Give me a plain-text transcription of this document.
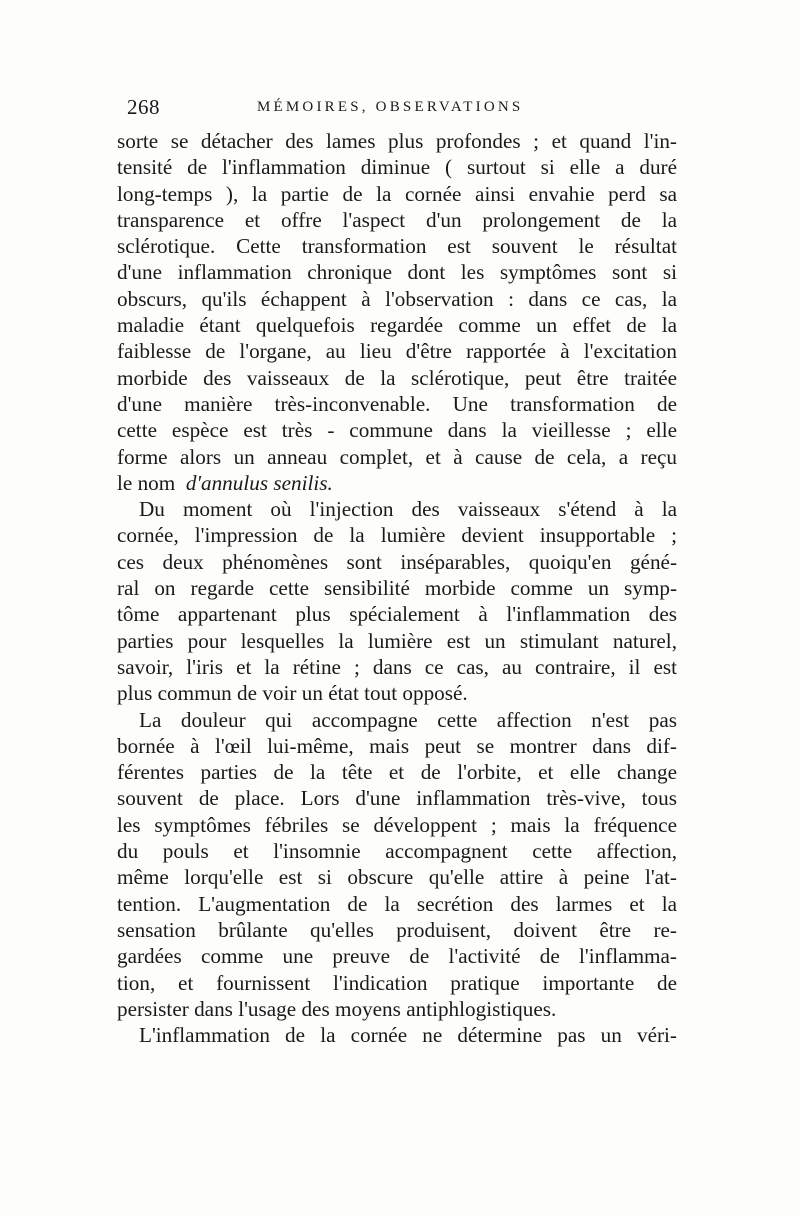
268	MÉMOIRES, OBSERVATIONS
sorte se détacher des lames plus profondes ; et quand l'in-
tensité de l'inflammation diminue ( surtout si elle a duré
long-temps ), la partie de la cornée ainsi envahie perd sa
transparence et offre l'aspect d'un prolongement de la
sclérotique. Cette transformation est souvent le résultat
d'une inflammation chronique dont les symptômes sont si
obscurs, qu'ils échappent à l'observation : dans ce cas, la
maladie étant quelquefois regardée comme un effet de la
faiblesse de l'organe, au lieu d'être rapportée à l'excitation
morbide des vaisseaux de la sclérotique, peut être traitée
d'une manière très-inconvenable. Une transformation de
cette espèce est très - commune dans la vieillesse ; elle
forme alors un anneau complet, et à cause de cela, a reçu
le nom d'annulus senilis.
Du moment où l'injection des vaisseaux s'étend à la
cornée, l'impression de la lumière devient insupportable ;
ces deux phénomènes sont inséparables, quoiqu'en géné-
ral on regarde cette sensibilité morbide comme un symp-
tôme appartenant plus spécialement à l'inflammation des
parties pour lesquelles la lumière est un stimulant naturel,
savoir, l'iris et la rétine ; dans ce cas, au contraire, il est
plus commun de voir un état tout opposé.
La douleur qui accompagne cette affection n'est pas
bornée à l'œil lui-même, mais peut se montrer dans dif-
férentes parties de la tête et de l'orbite, et elle change
souvent de place. Lors d'une inflammation très-vive, tous
les symptômes fébriles se développent ; mais la fréquence
du pouls et l'insomnie accompagnent cette affection,
même lorqu'elle est si obscure qu'elle attire à peine l'at-
tention. L'augmentation de la secrétion des larmes et la
sensation brûlante qu'elles produisent, doivent être re-
gardées comme une preuve de l'activité de l'inflamma-
tion, et fournissent l'indication pratique importante de
persister dans l'usage des moyens antiphlogistiques.
L'inflammation de la cornée ne détermine pas un véri-
